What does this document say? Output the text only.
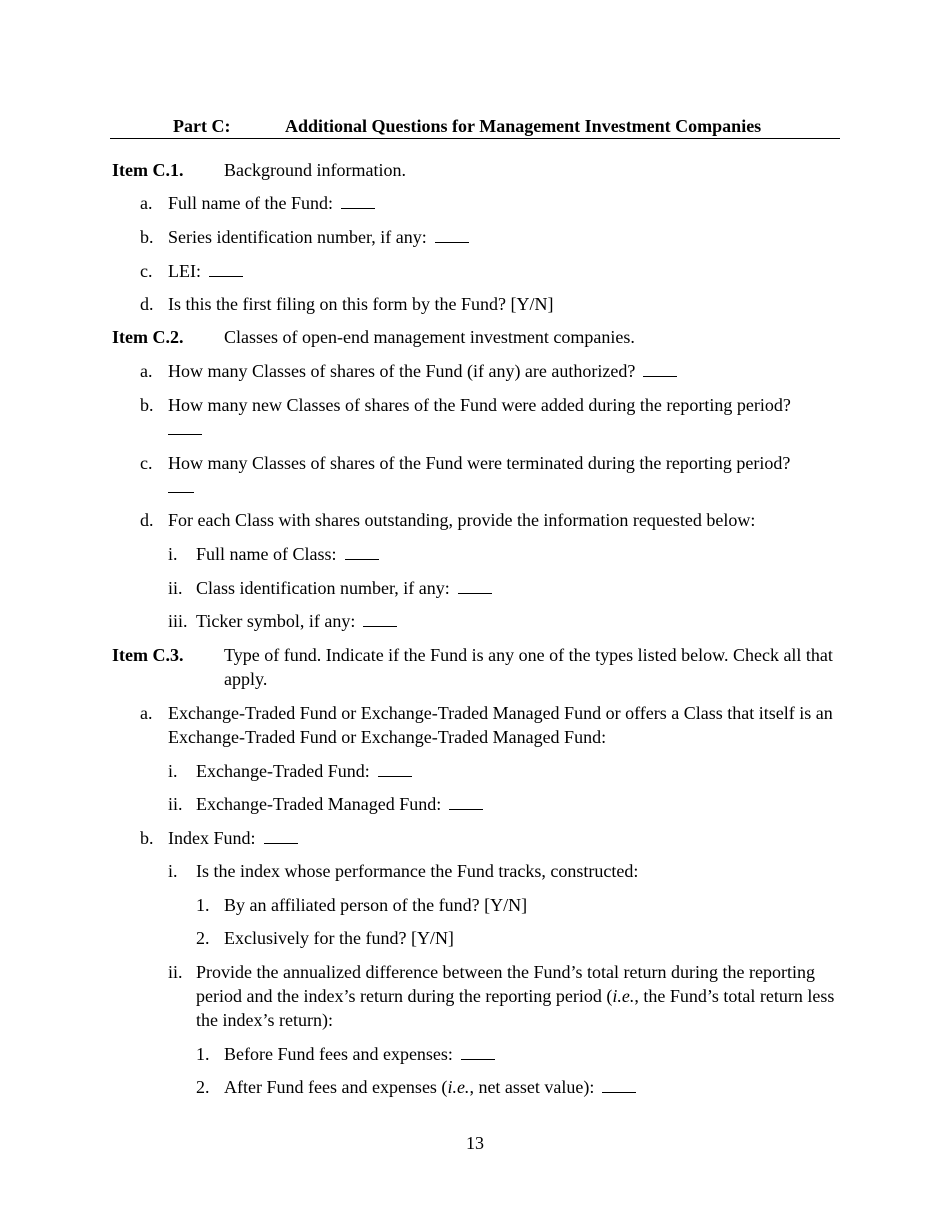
Part C:	Additional Questions for Management Investment Companies
Item C.1. Background information.
a. Full name of the Fund:
b. Series identification number, if any:
c. LEI:
d. Is this the first filing on this form by the Fund? [Y/N]
Item C.2. Classes of open-end management investment companies.
a. How many Classes of shares of the Fund (if any) are authorized?
b. How many new Classes of shares of the Fund were added during the reporting period?
c. How many Classes of shares of the Fund were terminated during the reporting period?
d. For each Class with shares outstanding, provide the information requested below:
i. Full name of Class:
ii. Class identification number, if any:
iii. Ticker symbol, if any:
Item C.3. Type of fund. Indicate if the Fund is any one of the types listed below. Check all that apply.
a. Exchange-Traded Fund or Exchange-Traded Managed Fund or offers a Class that itself is an Exchange-Traded Fund or Exchange-Traded Managed Fund:
i. Exchange-Traded Fund:
ii. Exchange-Traded Managed Fund:
b. Index Fund:
i. Is the index whose performance the Fund tracks, constructed:
1. By an affiliated person of the fund? [Y/N]
2. Exclusively for the fund? [Y/N]
ii. Provide the annualized difference between the Fund’s total return during the reporting period and the index’s return during the reporting period (i.e., the Fund’s total return less the index’s return):
1. Before Fund fees and expenses:
2. After Fund fees and expenses (i.e., net asset value):
13
